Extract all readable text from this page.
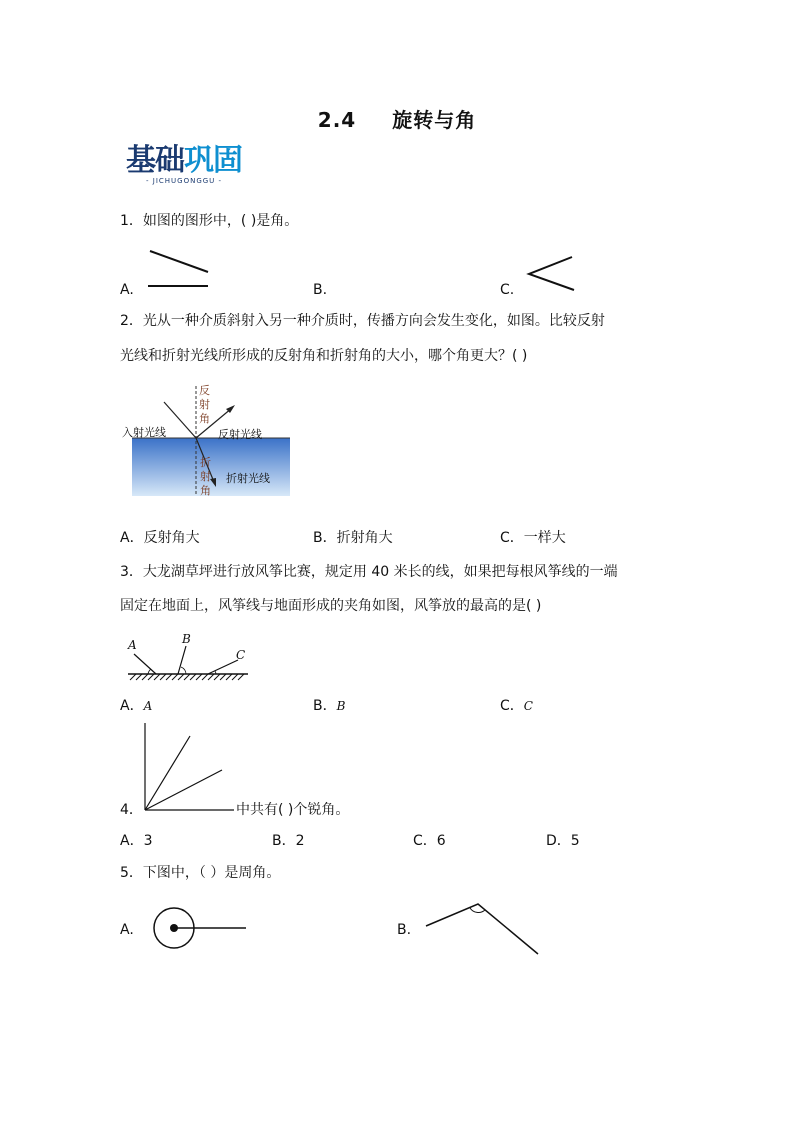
2.4 旋转与角
基础巩固
- JICHUGONGGU -
1．如图的图形中，( )是角。
A.	B.	C.
2．光从一种介质斜射入另一种介质时，传播方向会发生变化，如图。比较反射
光线和折射光线所形成的反射角和折射角的大小，哪个角更大？( )
入射光线
反
射
角
反射光线
折射光线
折
射
角
A．反射角大	B．折射角大	C．一样大
3．大龙湖草坪进行放风筝比赛，规定用 40 米长的线，如果把每根风筝线的一端
固定在地面上，风筝线与地面形成的夹角如图，风筝放的最高的是( )
A	B
C
A．A	B．B	C．C
4．	中共有( )个锐角。
A．3	B．2	C．6	D．5
5．下图中，（ ）是周角。
A.	B.
